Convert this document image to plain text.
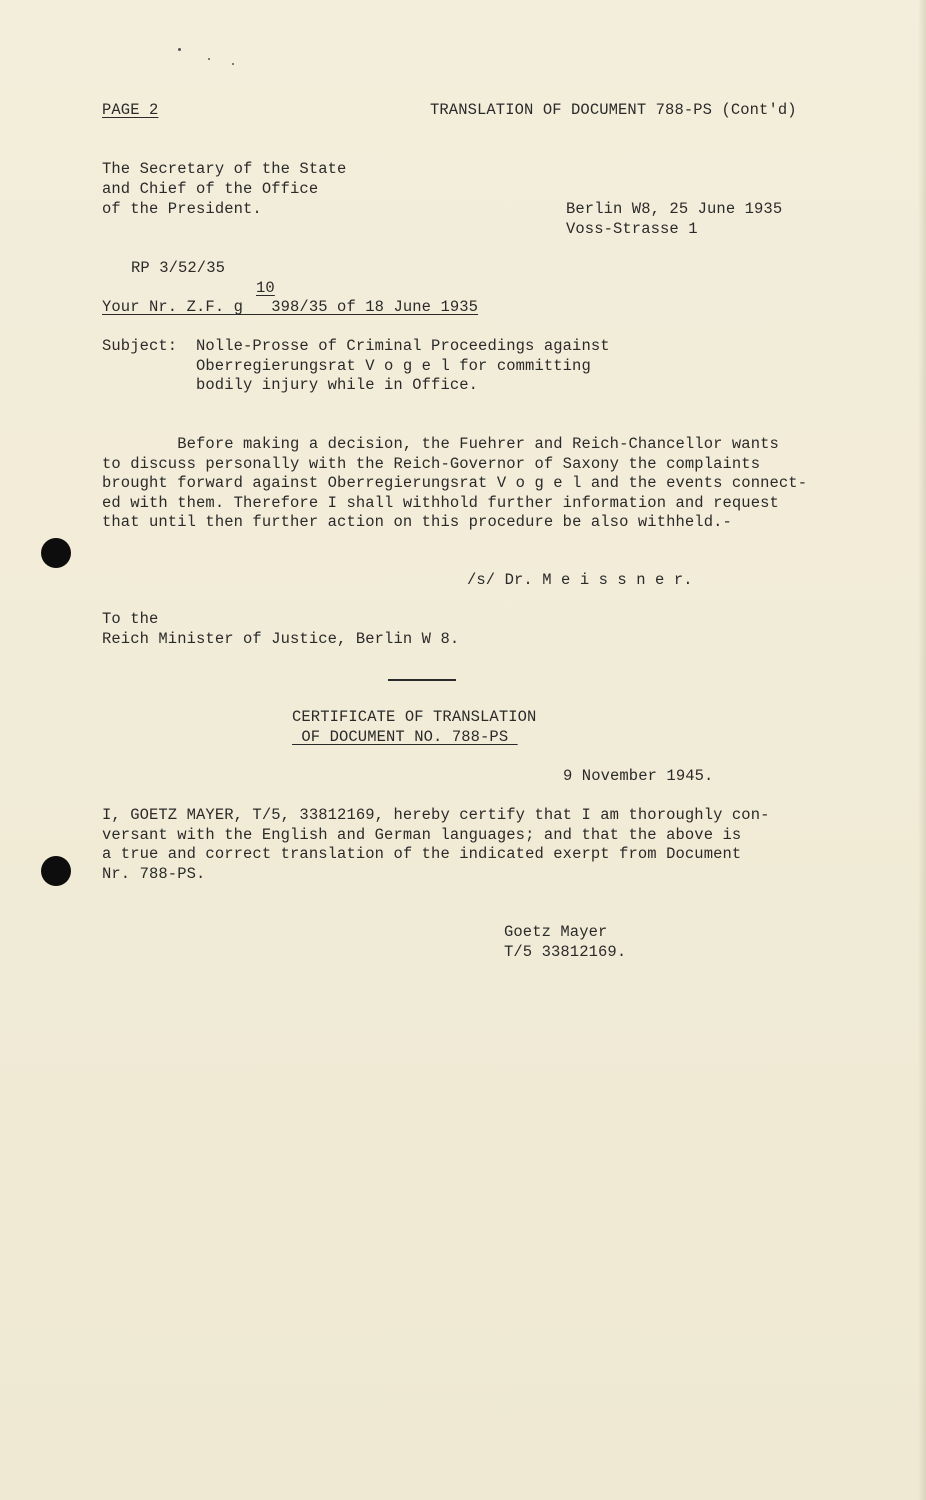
PAGE 2	TRANSLATION OF DOCUMENT 788-PS (Cont'd)
The Secretary of the State
and Chief of the Office
of the President.	Berlin W8, 25 June 1935
Voss-Strasse 1
RP 3/52/35
10
Your Nr. Z.F. g   398/35 of 18 June 1935
Subject: Nolle-Prosse of Criminal Proceedings against
Oberregierungsrat V o g e l for committing
bodily injury while in Office.
Before making a decision, the Fuehrer and Reich-Chancellor wants
to discuss personally with the Reich-Governor of Saxony the complaints
brought forward against Oberregierungsrat V o g e l and the events connect-
ed with them. Therefore I shall withhold further information and request
that until then further action on this procedure be also withheld.-
/s/ Dr. M e i s s n e r.
To the
Reich Minister of Justice, Berlin W 8.
CERTIFICATE OF TRANSLATION
OF DOCUMENT NO. 788-PS
9 November 1945.
I, GOETZ MAYER, T/5, 33812169, hereby certify that I am thoroughly con-
versant with the English and German languages; and that the above is
a true and correct translation of the indicated exerpt from Document
Nr. 788-PS.
Goetz Mayer
T/5 33812169.
